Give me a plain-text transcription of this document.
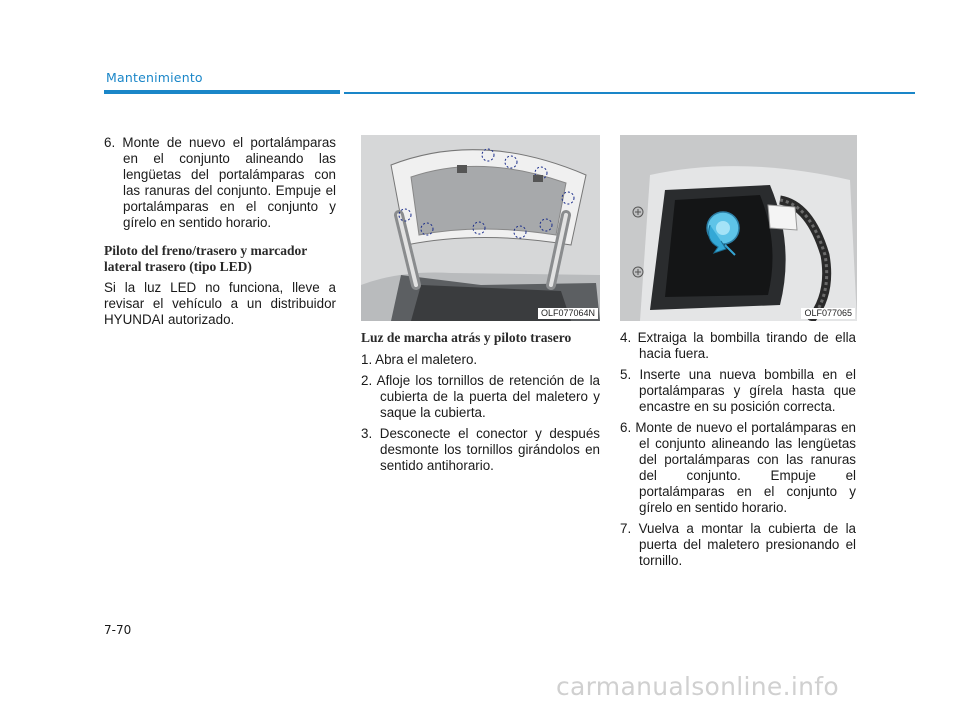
Mantenimiento
6. Monte de nuevo el portalámparas en el conjunto alineando las lengüetas del portalámparas con las ranuras del conjunto. Empuje el portalámparas en el conjunto y gírelo en sentido horario.
Piloto del freno/trasero y marcador lateral trasero (tipo LED)

Si la luz LED no funciona, lleve a revisar el vehículo a un distribuidor HYUNDAI autorizado.	OLF077064N	OLF077065
Luz de marcha atrás y piloto trasero
1. Abra el maletero.
2. Afloje los tornillos de retención de la cubierta de la puerta del maletero y saque la cubierta.
3. Desconecte el conector y después desmonte los tornillos girándolos en sentido antihorario.
4. Extraiga la bombilla tirando de ella hacia fuera.
5. Inserte una nueva bombilla en el portalámparas y gírela hasta que encastre en su posición correcta.
6. Monte de nuevo el portalámparas en el conjunto alineando las lengüetas del portalámparas con las ranuras del conjunto. Empuje el portalámparas en el conjunto y gírelo en sentido horario.
7. Vuelva a montar la cubierta de la puerta del maletero presionando el tornillo.
7-70
carmanualsonline.info
